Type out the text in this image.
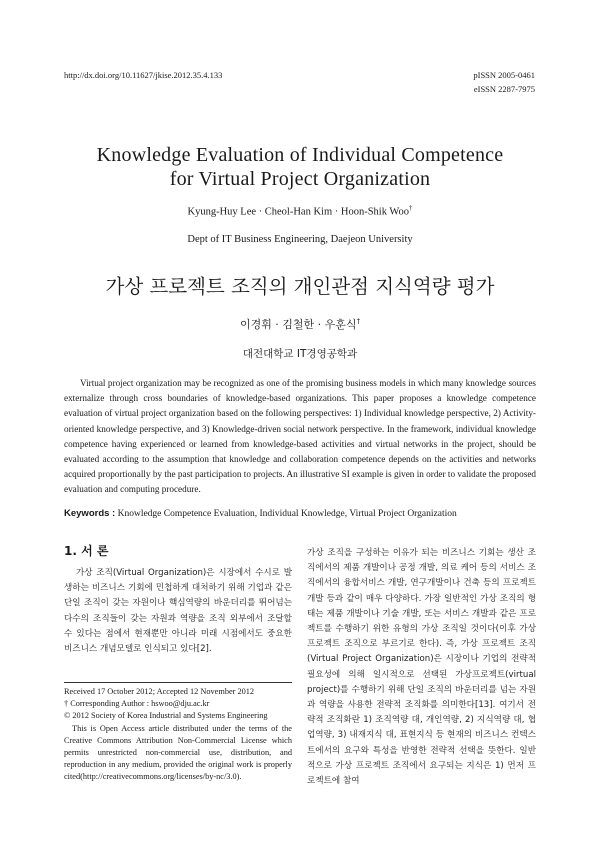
http://dx.doi.org/10.11627/jkise.2012.35.4.133	pISSN 2005-0461
eISSN 2287-7975
Knowledge Evaluation of Individual Competence
for Virtual Project Organization
Kyung-Huy Lee · Cheol-Han Kim · Hoon-Shik Woo†
Dept of IT Business Engineering, Daejeon University
가상 프로젝트 조직의 개인관점 지식역량 평가
이경휘 · 김철한 · 우훈식†
대전대학교 IT경영공학과
Virtual project organization may be recognized as one of the promising business models in which many knowledge sources externalize through cross boundaries of knowledge-based organizations. This paper proposes a knowledge competence evaluation of virtual project organization based on the following perspectives: 1) Individual knowledge perspective, 2) Activity-oriented knowledge perspective, and 3) Knowledge-driven social network perspective. In the framework, individual knowledge competence having experienced or learned from knowledge-based activities and virtual networks in the project, should be evaluated according to the assumption that knowledge and collaboration competence depends on the activities and networks acquired proportionally by the past participation to projects. An illustrative SI example is given in order to validate the proposed evaluation and computing procedure.
Keywords : Knowledge Competence Evaluation, Individual Knowledge, Virtual Project Organization
1. 서 론
가상 조직(Virtual Organization)은 시장에서 수시로 발생하는 비즈니스 기회에 민첩하게 대처하기 위해 기업과 같은 단일 조직이 갖는 자원이나 핵심역량의 바운더리를 뛰어넘는 다수의 조직들이 갖는 자원과 역량을 조직 외부에서 조달할 수 있다는 점에서 현재뿐만 아니라 미래 시점에서도 중요한 비즈니스 개념모델로 인식되고 있다[2].
가상 조직을 구성하는 이유가 되는 비즈니스 기회는 생산 조직에서의 제품 개발이나 공정 개발, 의료 케어 등의 서비스 조직에서의 융합서비스 개발, 연구개발이나 건축 등의 프로젝트 개발 등과 같이 매우 다양하다. 가장 일반적인 가상 조직의 형태는 제품 개발이나 기술 개발, 또는 서비스 개발과 같은 프로젝트를 수행하기 위한 유형의 가상 조직일 것이다(이후 가상 프로젝트 조직으로 부르기로 한다). 즉, 가상 프로젝트 조직(Virtual Project Organization)은 시장이나 기업의 전략적 필요성에 의해 일시적으로 선택된 가상프로젝트(virtual project)를 수행하기 위해 단일 조직의 바운더리를 넘는 자원과 역량을 사용한 전략적 조직화를 의미한다[13]. 여기서 전략적 조직화란 1) 조직역량 대, 개인역량, 2) 지식역량 대, 협업역량, 3) 내재지식 대, 표현지식 등 현재의 비즈니스 컨텍스트에서의 요구와 특성을 반영한 전략적 선택을 뜻한다. 일반적으로 가상 프로젝트 조직에서 요구되는 지식은 1) 먼저 프로젝트에 참여

Received 17 October 2012; Accepted 12 November 2012

† Corresponding Author : hswoo@dju.ac.kr

© 2012 Society of Korea Industrial and Systems Engineering

This is Open Access article distributed under the terms of the Creative Commons Attribution Non-Commercial License which permits unrestricted non-commercial use, distribution, and reproduction in any medium, provided the original work is properly cited(http://creativecommons.org/licenses/by-nc/3.0).
